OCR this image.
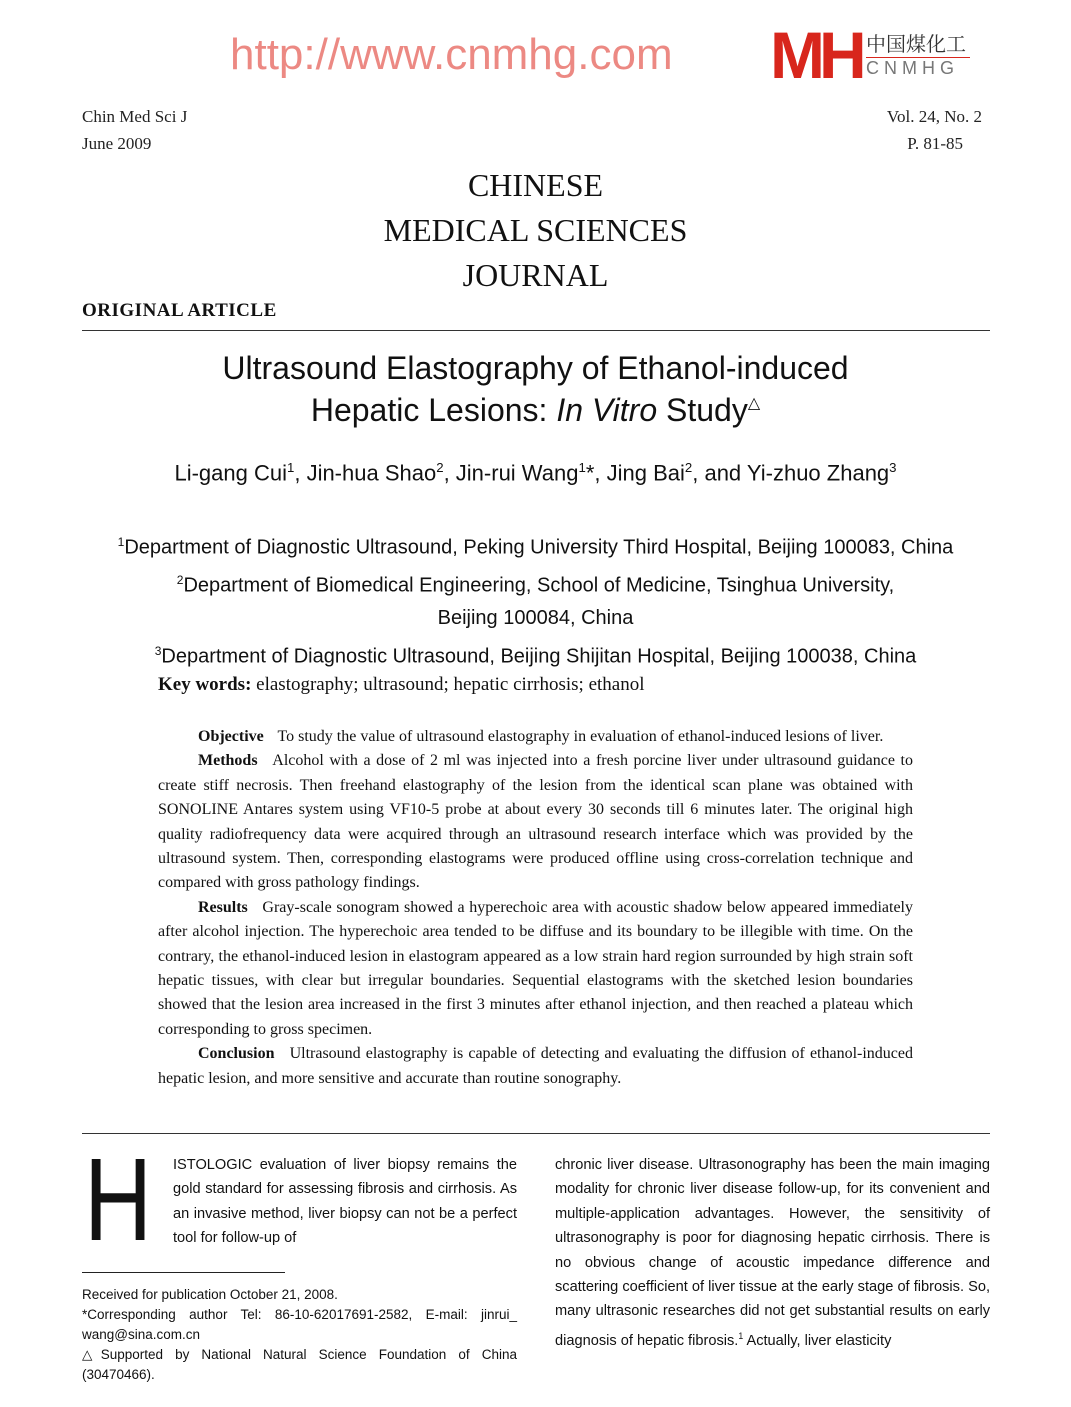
Chin Med Sci J
June 2009
Vol. 24, No. 2
P. 81-85
CHINESE
MEDICAL SCIENCES
JOURNAL
ORIGINAL ARTICLE
Ultrasound Elastography of Ethanol-induced
Hepatic Lesions: In Vitro Study△
Li-gang Cui$^1$, Jin-hua Shao$^2$, Jin-rui Wang$^1$*, Jing Bai$^2$, and Yi-zhuo Zhang$^3$
$^1$Department of Diagnostic Ultrasound, Peking University Third Hospital, Beijing 100083, China
$^2$Department of Biomedical Engineering, School of Medicine, Tsinghua University,
Beijing 100084, China
$^3$Department of Diagnostic Ultrasound, Beijing Shijitan Hospital, Beijing 100038, China
Key words: elastography; ultrasound; hepatic cirrhosis; ethanol

Objective To study the value of ultrasound elastography in evaluation of ethanol-induced lesions of liver.

Methods Alcohol with a dose of 2 ml was injected into a fresh porcine liver under ultrasound guidance to create stiff necrosis. Then freehand elastography of the lesion from the identical scan plane was obtained with SONOLINE Antares system using VF10-5 probe at about every 30 seconds till 6 minutes later. The original high quality radiofrequency data were acquired through an ultrasound research interface which was provided by the ultrasound system. Then, corresponding elastograms were produced offline using cross-correlation technique and compared with gross pathology findings.

Results Gray-scale sonogram showed a hyperechoic area with acoustic shadow below appeared immediately after alcohol injection. The hyperechoic area tended to be diffuse and its boundary to be illegible with time. On the contrary, the ethanol-induced lesion in elastogram appeared as a low strain hard region surrounded by high strain soft hepatic tissues, with clear but irregular boundaries. Sequential elastograms with the sketched lesion boundaries showed that the lesion area increased in the first 3 minutes after ethanol injection, and then reached a plateau which corresponding to gross specimen.

Conclusion Ultrasound elastography is capable of detecting and evaluating the diffusion of ethanol-induced hepatic lesion, and more sensitive and accurate than routine sonography.

H ISTOLOGIC evaluation of liver biopsy remains the gold standard for assessing fibrosis and cirrhosis. As an invasive method, liver biopsy can not be a perfect tool for follow-up of
chronic liver disease. Ultrasonography has been the main imaging modality for chronic liver disease follow-up, for its convenient and multiple-application advantages. However, the sensitivity of ultrasonography is poor for diagnosing hepatic cirrhosis. There is no obvious change of acoustic impedance difference and scattering coefficient of liver tissue at the early stage of fibrosis. So, many ultrasonic researches did not get substantial results on early diagnosis of hepatic fibrosis.$^1$ Actually, liver elasticity
Received for publication October 21, 2008.
*Corresponding author Tel: 86-10-62017691-2582, E-mail: jinrui_ wang@sina.com.cn
△Supported by National Natural Science Foundation of China (30470466).
http://www.cnmhg.com MH 中国煤化工
CNMHG
